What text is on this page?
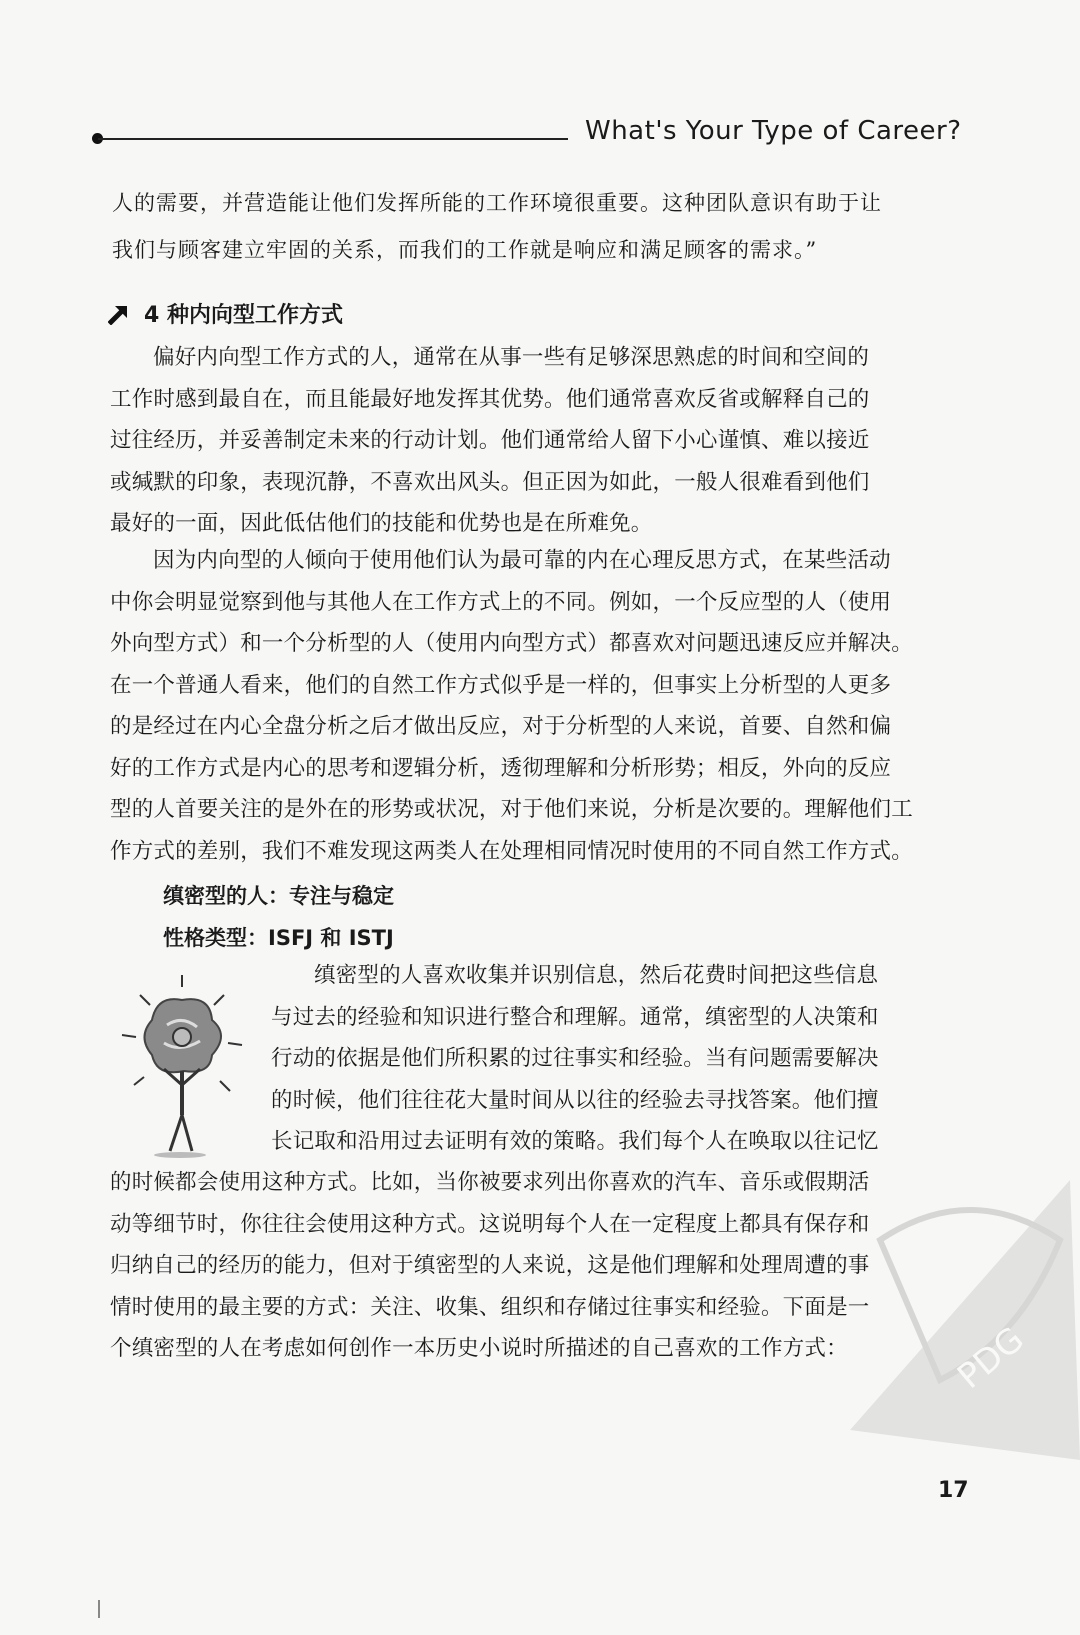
What's Your Type of Career?

人的需要，并营造能让他们发挥所能的工作环境很重要。这种团队意识有助于让

我们与顾客建立牢固的关系，而我们的工作就是响应和满足顾客的需求。”

4 种内向型工作方式

偏好内向型工作方式的人，通常在从事一些有足够深思熟虑的时间和空间的

工作时感到最自在，而且能最好地发挥其优势。他们通常喜欢反省或解释自己的

过往经历，并妥善制定未来的行动计划。他们通常给人留下小心谨慎、难以接近

或缄默的印象，表现沉静，不喜欢出风头。但正因为如此，一般人很难看到他们

最好的一面，因此低估他们的技能和优势也是在所难免。

因为内向型的人倾向于使用他们认为最可靠的内在心理反思方式，在某些活动

中你会明显觉察到他与其他人在工作方式上的不同。例如，一个反应型的人（使用

外向型方式）和一个分析型的人（使用内向型方式）都喜欢对问题迅速反应并解决。

在一个普通人看来，他们的自然工作方式似乎是一样的，但事实上分析型的人更多

的是经过在内心全盘分析之后才做出反应，对于分析型的人来说，首要、自然和偏

好的工作方式是内心的思考和逻辑分析，透彻理解和分析形势；相反，外向的反应

型的人首要关注的是外在的形势或状况，对于他们来说，分析是次要的。理解他们工

作方式的差别，我们不难发现这两类人在处理相同情况时使用的不同自然工作方式。

缜密型的人：专注与稳定
性格类型：ISFJ 和 ISTJ

缜密型的人喜欢收集并识别信息，然后花费时间把这些信息

与过去的经验和知识进行整合和理解。通常，缜密型的人决策和

行动的依据是他们所积累的过往事实和经验。当有问题需要解决

的时候，他们往往花大量时间从以往的经验去寻找答案。他们擅

长记取和沿用过去证明有效的策略。我们每个人在唤取以往记忆

的时候都会使用这种方式。比如，当你被要求列出你喜欢的汽车、音乐或假期活

动等细节时，你往往会使用这种方式。这说明每个人在一定程度上都具有保存和

归纳自己的经历的能力，但对于缜密型的人来说，这是他们理解和处理周遭的事

情时使用的最主要的方式：关注、收集、组织和存储过往事实和经验。下面是一

个缜密型的人在考虑如何创作一本历史小说时所描述的自己喜欢的工作方式：	PDG
17
